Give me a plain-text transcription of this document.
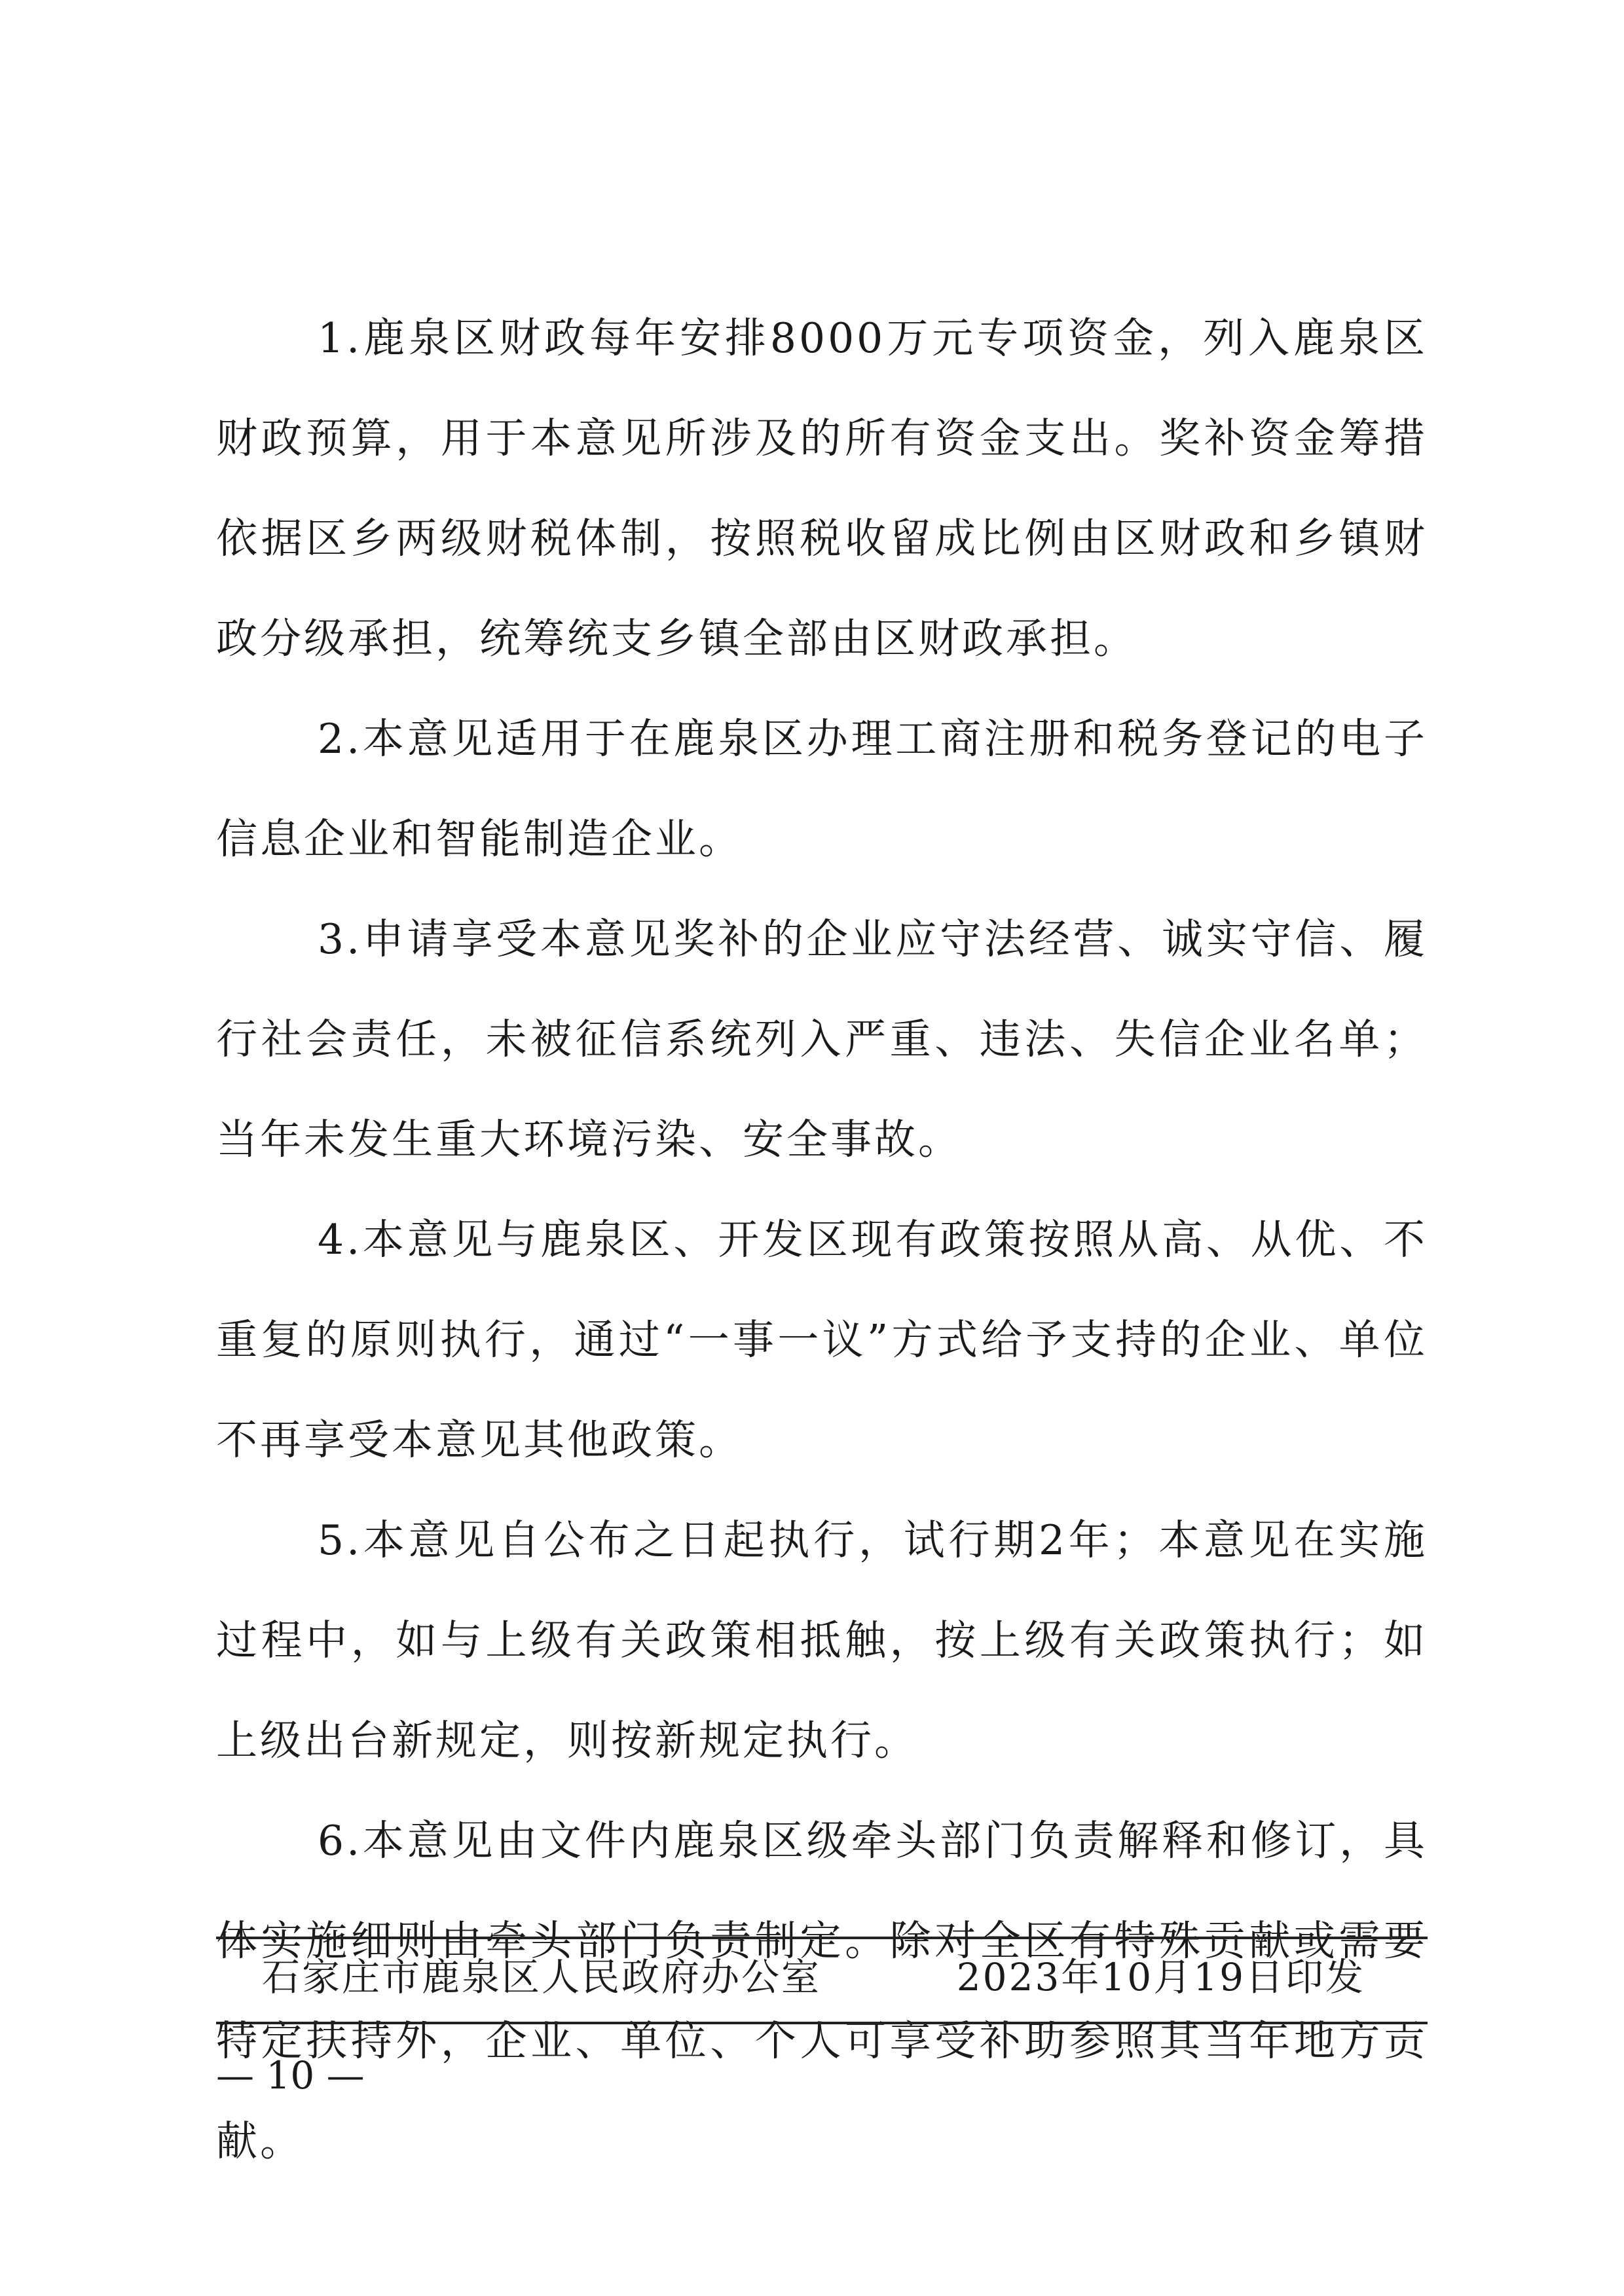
1.鹿泉区财政每年安排8000万元专项资金，列入鹿泉区财政预算，用于本意见所涉及的所有资金支出。奖补资金筹措依据区乡两级财税体制，按照税收留成比例由区财政和乡镇财政分级承担，统筹统支乡镇全部由区财政承担。

2.本意见适用于在鹿泉区办理工商注册和税务登记的电子信息企业和智能制造企业。

3.申请享受本意见奖补的企业应守法经营、诚实守信、履行社会责任，未被征信系统列入严重、违法、失信企业名单；当年未发生重大环境污染、安全事故。

4.本意见与鹿泉区、开发区现有政策按照从高、从优、不重复的原则执行，通过“一事一议”方式给予支持的企业、单位不再享受本意见其他政策。

5.本意见自公布之日起执行，试行期2年；本意见在实施过程中，如与上级有关政策相抵触，按上级有关政策执行；如上级出台新规定，则按新规定执行。

6.本意见由文件内鹿泉区级牵头部门负责解释和修订，具体实施细则由牵头部门负责制定。除对全区有特殊贡献或需要特定扶持外，企业、单位、个人可享受补助参照其当年地方贡献。

石家庄市鹿泉区人民政府办公室	2023年10月19日印发
— 10 —
